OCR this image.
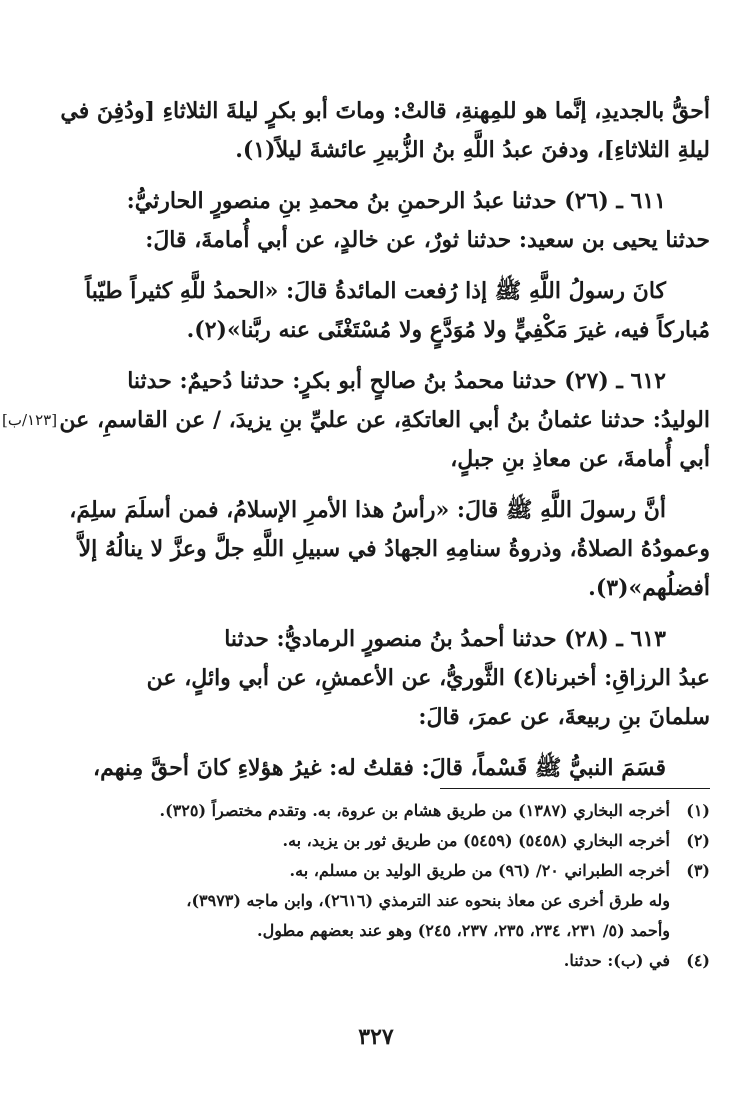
أحقُّ بالجديدِ، إنَّما هو للمِهنةِ، قالتْ: وماتَ أبو بكرٍ ليلةَ الثلاثاءِ [ودُفِنَ في
ليلةِ الثلاثاءِ]، ودفنَ عبدُ اللَّهِ بنُ الزُّبيرِ عائشةَ ليلاً(١).

٦١١ ـ (٢٦) حدثنا عبدُ الرحمنِ بنُ محمدِ بنِ منصورٍ الحارثيُّ:
حدثنا يحيى بن سعيد: حدثنا ثورٌ، عن خالدٍ، عن أبي أُمامةَ، قالَ:

كانَ رسولُ اللَّهِ ﷺ إذا رُفعت المائدةُ قالَ: «الحمدُ للَّهِ كثيراً طيّباً
مُباركاً فيه، غيرَ مَكْفِيٍّ ولا مُوَدَّعٍ ولا مُسْتَغْنًى عنه ربَّنا»(٢).

٦١٢ ـ (٢٧) حدثنا محمدُ بنُ صالحٍ أبو بكرٍ: حدثنا دُحيمٌ: حدثنا
الوليدُ: حدثنا عثمانُ بنُ أبي العاتكةِ، عن عليِّ بنِ يزيدَ، / عن القاسمِ، عن
[١٢٣/ب]
أبي أُمامةَ، عن معاذِ بنِ جبلٍ،

أنَّ رسولَ اللَّهِ ﷺ قالَ: «رأسُ هذا الأمرِ الإسلامُ، فمن أسلَمَ سلِمَ،
وعمودُهُ الصلاةُ، وذروةُ سنامِهِ الجهادُ في سبيلِ اللَّهِ جلَّ وعزَّ لا ينالُهُ إلاَّ
أفضلُهم»(٣).

٦١٣ ـ (٢٨) حدثنا أحمدُ بنُ منصورٍ الرماديُّ: حدثنا
عبدُ الرزاقِ: أخبرنا(٤) الثَّوريُّ، عن الأعمشِ، عن أبي وائلٍ، عن
سلمانَ بنِ ربيعةَ، عن عمرَ، قالَ:

قسَمَ النبيُّ ﷺ قَسْماً، قالَ: فقلتُ له: غيرُ هؤلاءِ كانَ أحقَّ مِنهم،

(١)
أخرجه البخاري (١٣٨٧) من طريق هشام بن عروة، به. وتقدم مختصراً (٣٢٥).
(٢)
أخرجه البخاري (٥٤٥٨) (٥٤٥٩) من طريق ثور بن يزيد، به.
(٣)
أخرجه الطبراني ٢٠/ (٩٦) من طريق الوليد بن مسلم، به.
وله طرق أخرى عن معاذ بنحوه عند الترمذي (٢٦١٦)، وابن ماجه (٣٩٧٣)،
وأحمد (٥/ ٢٣١، ٢٣٤، ٢٣٥، ٢٣٧، ٢٤٥) وهو عند بعضهم مطول.
(٤)
في (ب): حدثنا.
٣٢٧
